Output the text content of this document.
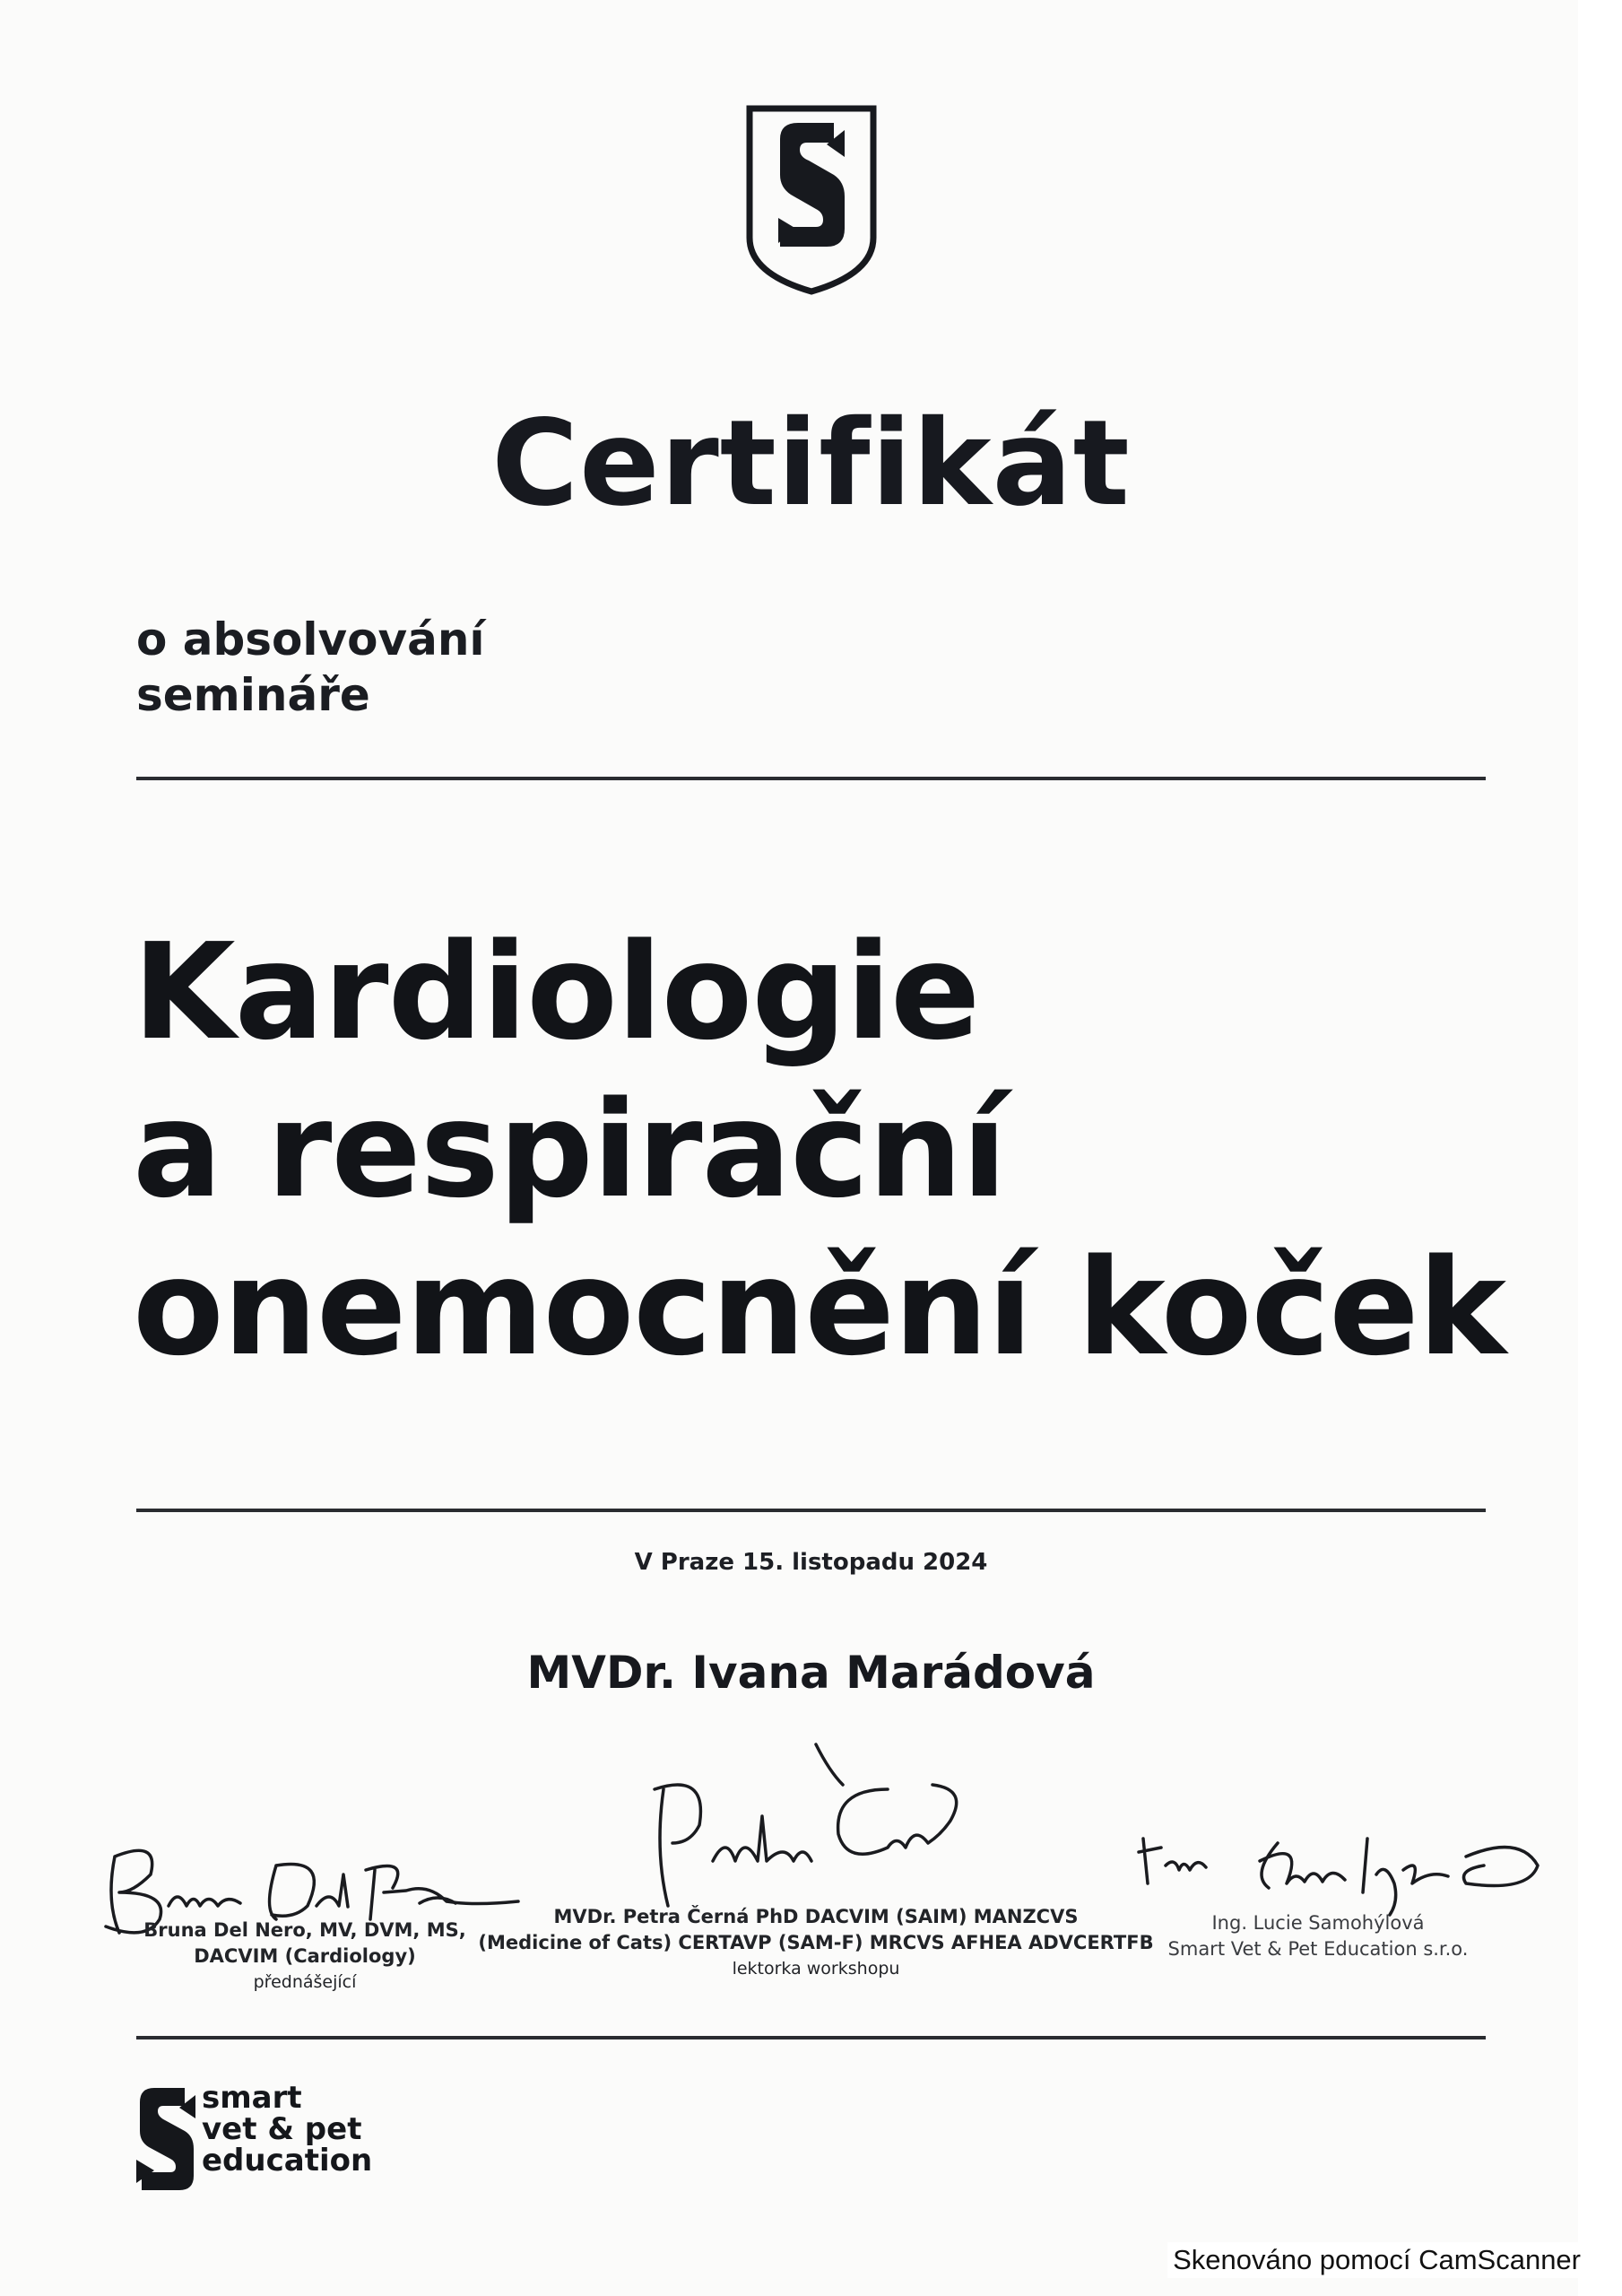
Certifikát
o absolvování
semináře
Kardiologie
a respirační
onemocnění koček
V Praze 15. listopadu 2024
MVDr. Ivana Marádová
Bruna Del Nero, MV, DVM, MS,
DACVIM (Cardiology)
přednášející
MVDr. Petra Černá PhD DACVIM (SAIM) MANZCVS
(Medicine of Cats) CERTAVP (SAM-F) MRCVS AFHEA ADVCERTFB
lektorka workshopu
Ing. Lucie Samohýlová
Smart Vet & Pet Education s.r.o.
smart
vet & pet
education
Skenováno pomocí CamScanner
